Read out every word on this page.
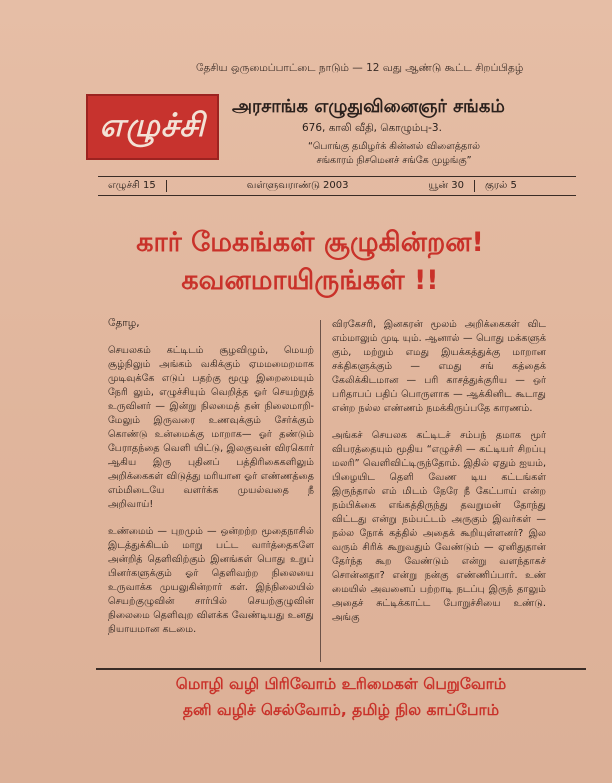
தேசிய ஒருமைப்பாட்டை நாடும் — 12 வது ஆண்டு கூட்ட சிறப்பிதழ்
எழுச்சி அரசாங்க எழுதுவினைஞர் சங்கம்
676, காலி வீதி, கொழும்பு-3.
“பொங்கு தமிழர்க் கின்னல் விளைத்தால்
சங்காரம் நிசமெனச் சங்கே முழங்கு”
எழுச்சி 15	வள்ளுவராண்டு 2003	யூன் 30	குரல் 5
கார் மேகங்கள் சூழுகின்றன!
கவனமாயிருங்கள் !!

தோழ,

செயலகம் கட்டிடம் சூழவிழும், மெயற் சூழ்நிலும் அங்கம் வகிக்கும் ஏமமமைறமாக முடிவுக்கே எடுப் பதற்கு மூழு இறைமையும் நேரி லும், எழுச்சியும் வெறித்த ஓர் செயற்றுத் உருவினர் — இன்று நிலமைத் தன் நிலைமாறி-மேலும் இருவரை உணவுக்கும் சேர்க்கும் கொண்டு உன்மைக்கு மாறாக— ஓர் தண்டும் பேராதந்தை வெளி யிட்டு, இலகுவன் விரகொர் ஆகிய இரு புதினப் பத்திரிகைகளிலும் அறிக்கைகள் விடுத்து மரியான ஓர் எண்ணத்தை எம்மிடையே வளர்க்க முயல்வதை நீ அறிவாய்!

உண்மைம் — புறமும் — ஒன்றற்ற மூதைநாசில் இடத்துக்கிடம் மாறு பட்ட வார்த்தைகளே அன்றித் தெளிவிற்கும் இனங்கள் பொது உறுப் பினர்களுக்கும் ஓர் தெளிவற்ற நிலையை உருவாக்க முயலுகின்றார் கள். இந்நிலையில் செயற்குழுவின் சார்பில் செயற்குழுவின் நிலைமை தெளிவுற விளக்க வேண்டியது உனது நியாயமான கடமை.

விரகேசரி, இனகரன் மூலம் அறிக்கைகள் விட எம்மாலும் முடி யும். ஆனால் — பொது மக்களுக் கும், மற்றும் எமது இயக்கத்துக்கு மாறான சக்திகளுக்கும் — எமது சங் கத்தைக் கேலிக்கிடமான — பரி காசத்துக்குரிய — ஒர் பரிதாபப் பதிப் பொருளாக — ஆக்கினிட கூடாது என்ற நல்ல எண்ணம் நமக்கிருப்பதே காரணம்.

அங்கச் செயலக கட்டிடச் சம்பந் தமாக மூர் விபரத்தையும் மூதிய “எழுச்சி — கட்டியர் சிறப்பு மலரி” வெளிவிட்டிருந்தோம். இதில் ஏதும் ஐயம், பிழையிட தெளி வேண டிய கட்டங்கள் இருந்தால் எம் மிடம் நேரே நீ கேட்பாய் என்ற நம்பிக்கை எங்கத்திருந்து தவறுமன் தோந்து விட்டது என்று நம்பட்டம் அருகும் இவர்கள் — நல்ல நோக் கத்தில் அதைக் கூறியுள்ளனர்? இல வரும் சிரிக் கூறுவதும் வேண்டும் — ஏனிதுதான் தேர்ந்த கூற வேண்டும் என்று வளந்தாகச் சொன்னதா? என்று நன்கு எண்ணிப்பார். உண் மையில் அவனைப் பற்றாடி நடப்பு இருந் தாலும் அதைச் சுட்டிக்காட்ட போறுச்சியை உண்டு. அங்கு

மொழி வழி பிரிவோம் உரிமைகள் பெறுவோம்
தனி வழிச் செல்வோம், தமிழ் நில காப்போம்
